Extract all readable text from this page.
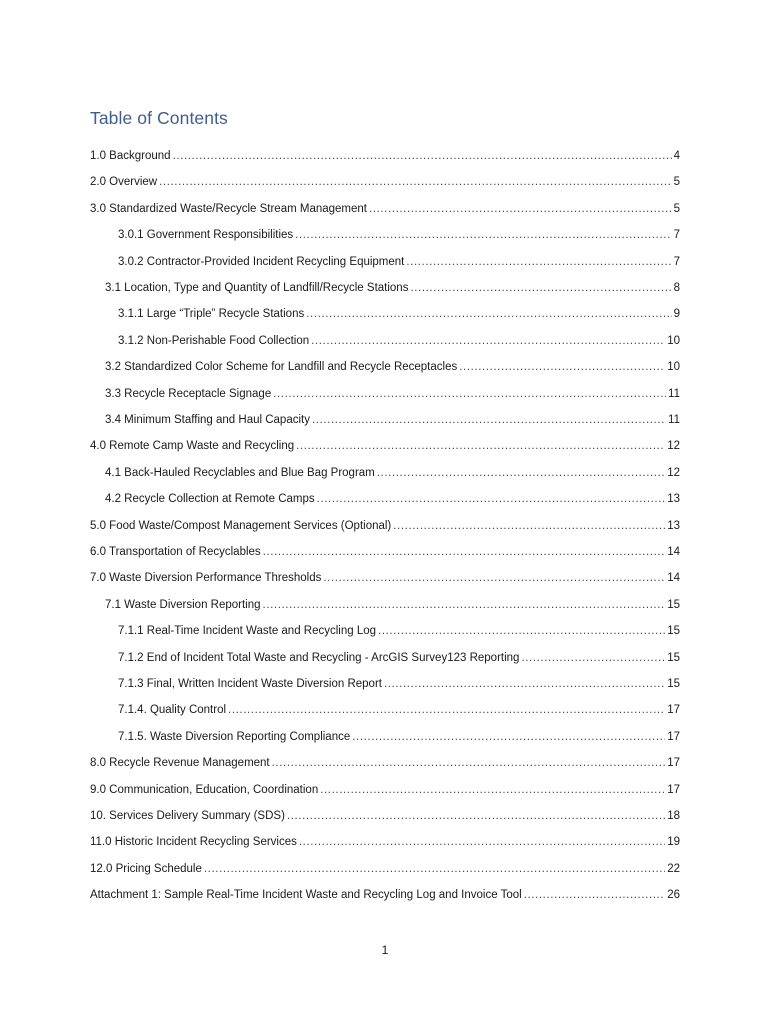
Table of Contents
1.0 Background .....	4
2.0 Overview .....	5
3.0 Standardized Waste/Recycle Stream Management .....	5
3.0.1 Government Responsibilities .....	7
3.0.2 Contractor-Provided Incident Recycling Equipment .....	7
3.1 Location, Type and Quantity of Landfill/Recycle Stations .....	8
3.1.1 Large “Triple” Recycle Stations .....	9
3.1.2 Non-Perishable Food Collection .....	10
3.2 Standardized Color Scheme for Landfill and Recycle Receptacles .....	10
3.3 Recycle Receptacle Signage .....	11
3.4 Minimum Staffing and Haul Capacity .....	11
4.0 Remote Camp Waste and Recycling .....	12
4.1 Back-Hauled Recyclables and Blue Bag Program .....	12
4.2 Recycle Collection at Remote Camps .....	13
5.0 Food Waste/Compost Management Services (Optional) .....	13
6.0 Transportation of Recyclables .....	14
7.0 Waste Diversion Performance Thresholds .....	14
7.1 Waste Diversion Reporting .....	15
7.1.1 Real-Time Incident Waste and Recycling Log .....	15
7.1.2 End of Incident Total Waste and Recycling - ArcGIS Survey123 Reporting .....	15
7.1.3 Final, Written Incident Waste Diversion Report .....	15
7.1.4. Quality Control .....	17
7.1.5. Waste Diversion Reporting Compliance .....	17
8.0 Recycle Revenue Management .....	17
9.0 Communication, Education, Coordination .....	17
10. Services Delivery Summary (SDS) .....	18
11.0 Historic Incident Recycling Services .....	19
12.0 Pricing Schedule .....	22
Attachment 1: Sample Real-Time Incident Waste and Recycling Log and Invoice Tool .....	26
1
